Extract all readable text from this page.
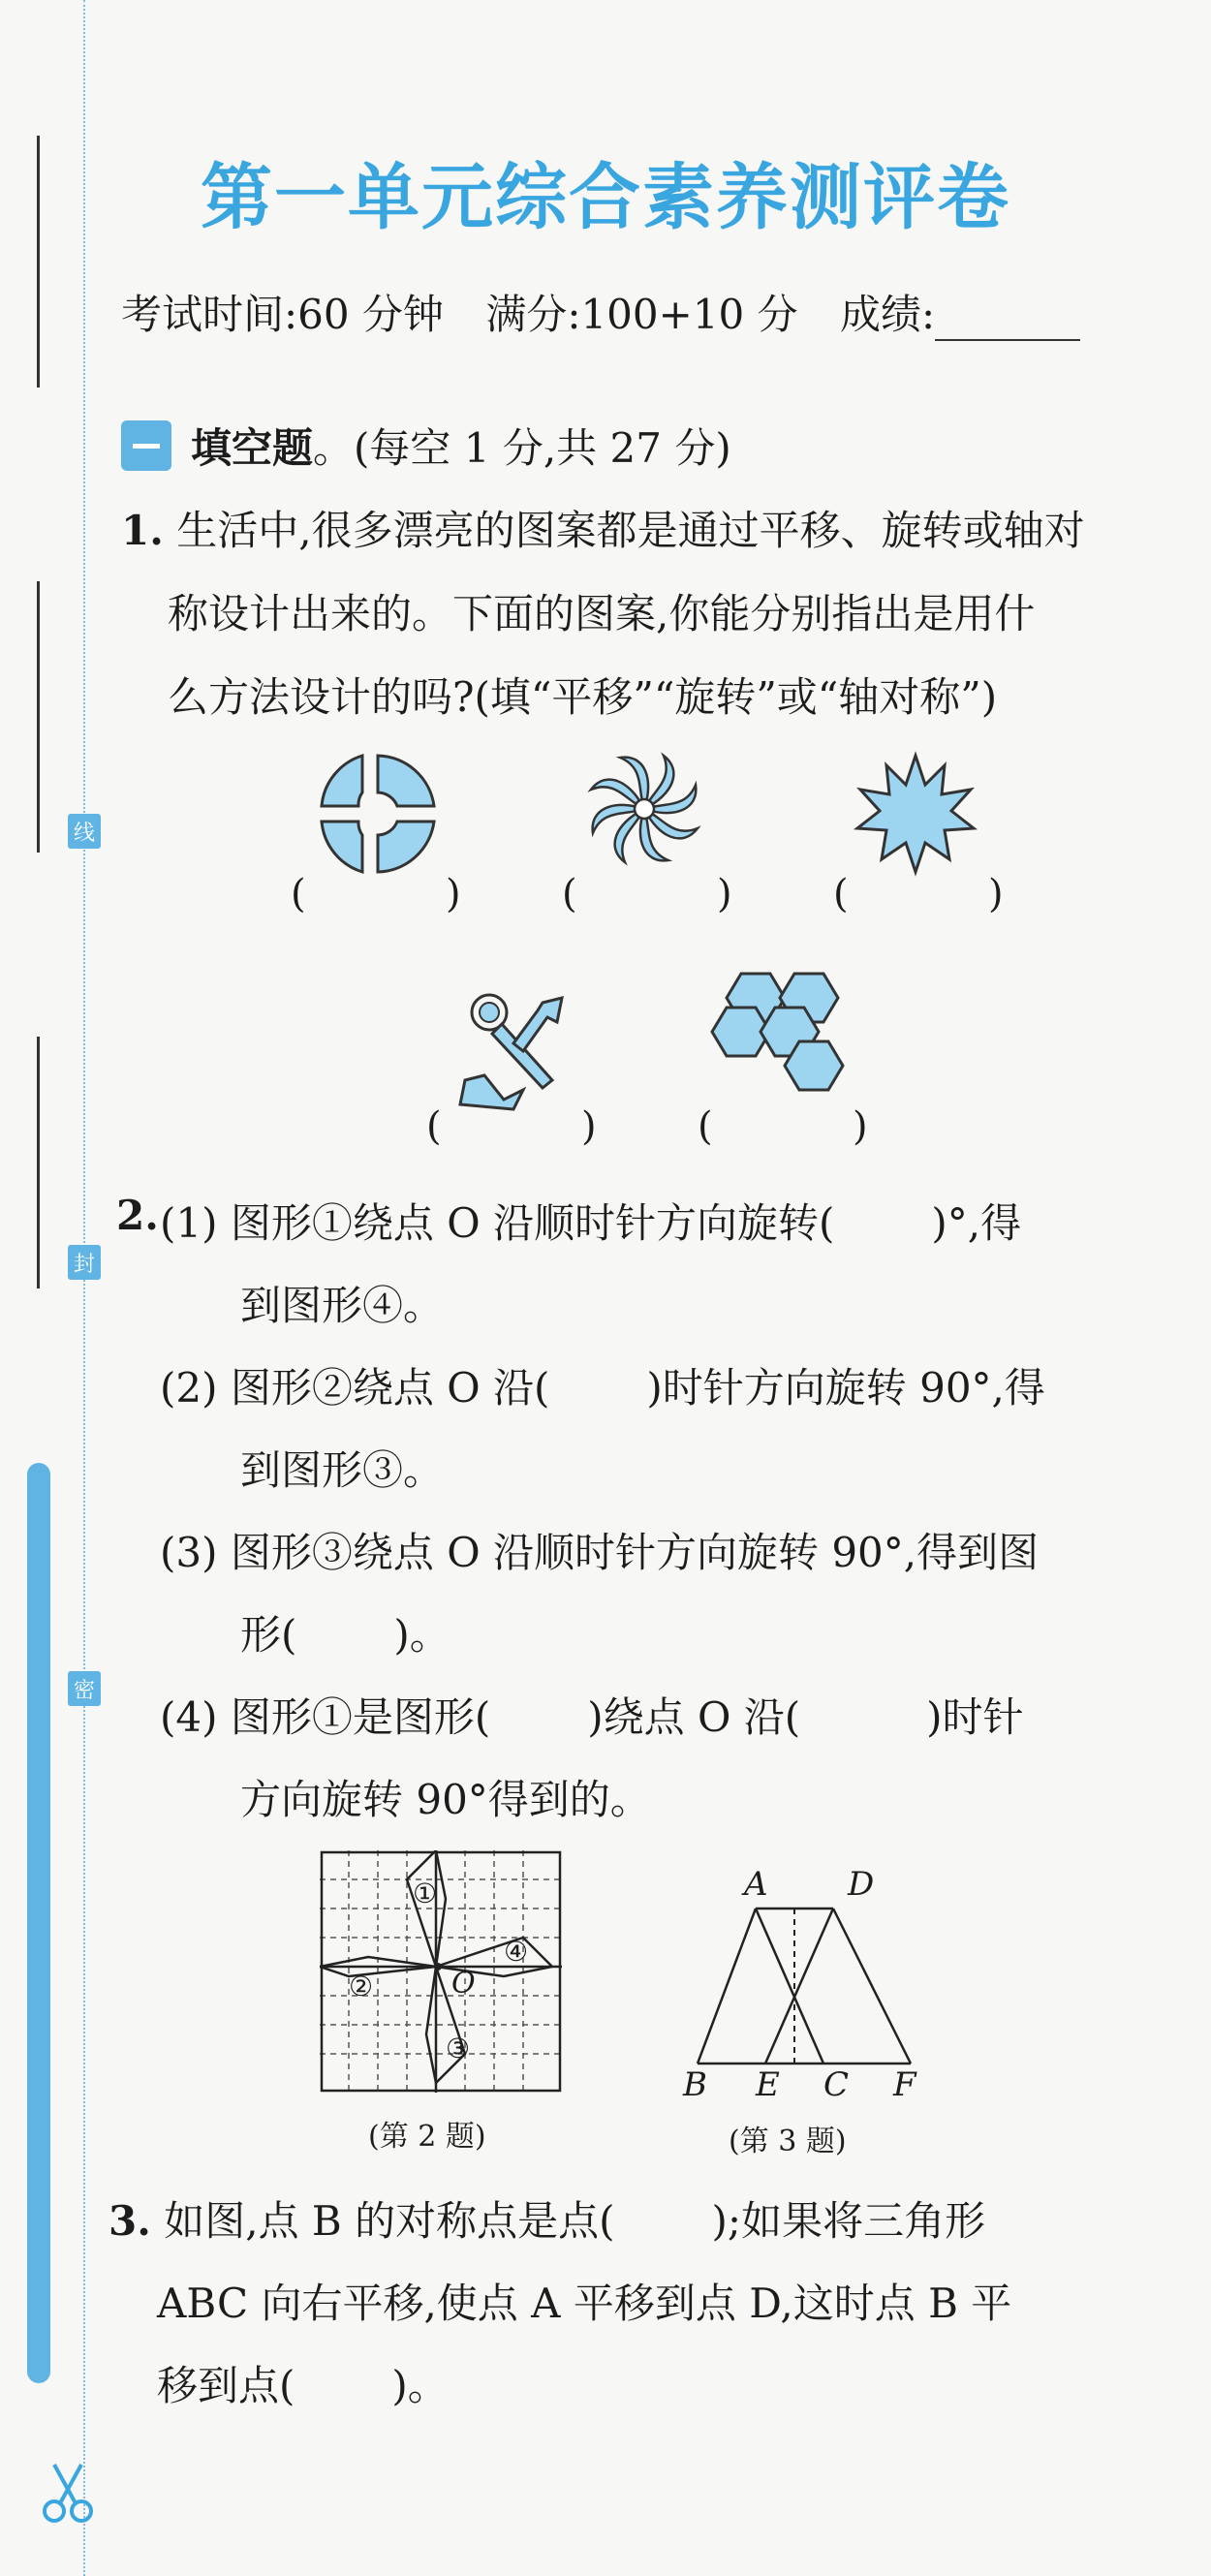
线
封
密
第一单元综合素养测评卷
考试时间:60 分钟 满分:100+10 分 成绩:
填空题 。(每空 1 分,共 27 分)
1. 生活中,很多漂亮的图案都是通过平移、旋转或轴对
称设计出来的。下面的图案,你能分别指出是用什
么方法设计的吗?(填“平移”“旋转”或“轴对称”)
(	)	(	)	(	)
(	)	(	)
2. (1) 图形①绕点 O 沿顺时针方向旋转( )°,得
到图形④。
(2) 图形②绕点 O 沿( )时针方向旋转 90°,得
到图形③。
(3) 图形③绕点 O 沿顺时针方向旋转 90°,得到图
形( )。
(4) 图形①是图形( )绕点 O 沿(	)时针
方向旋转 90°得到的。
①
②
③
④
O
(第 2 题)
A D
B E C F
(第 3 题)
3. 如图,点 B 的对称点是点( );如果将三角形
ABC 向右平移,使点 A 平移到点 D,这时点 B 平
移到点( )。
